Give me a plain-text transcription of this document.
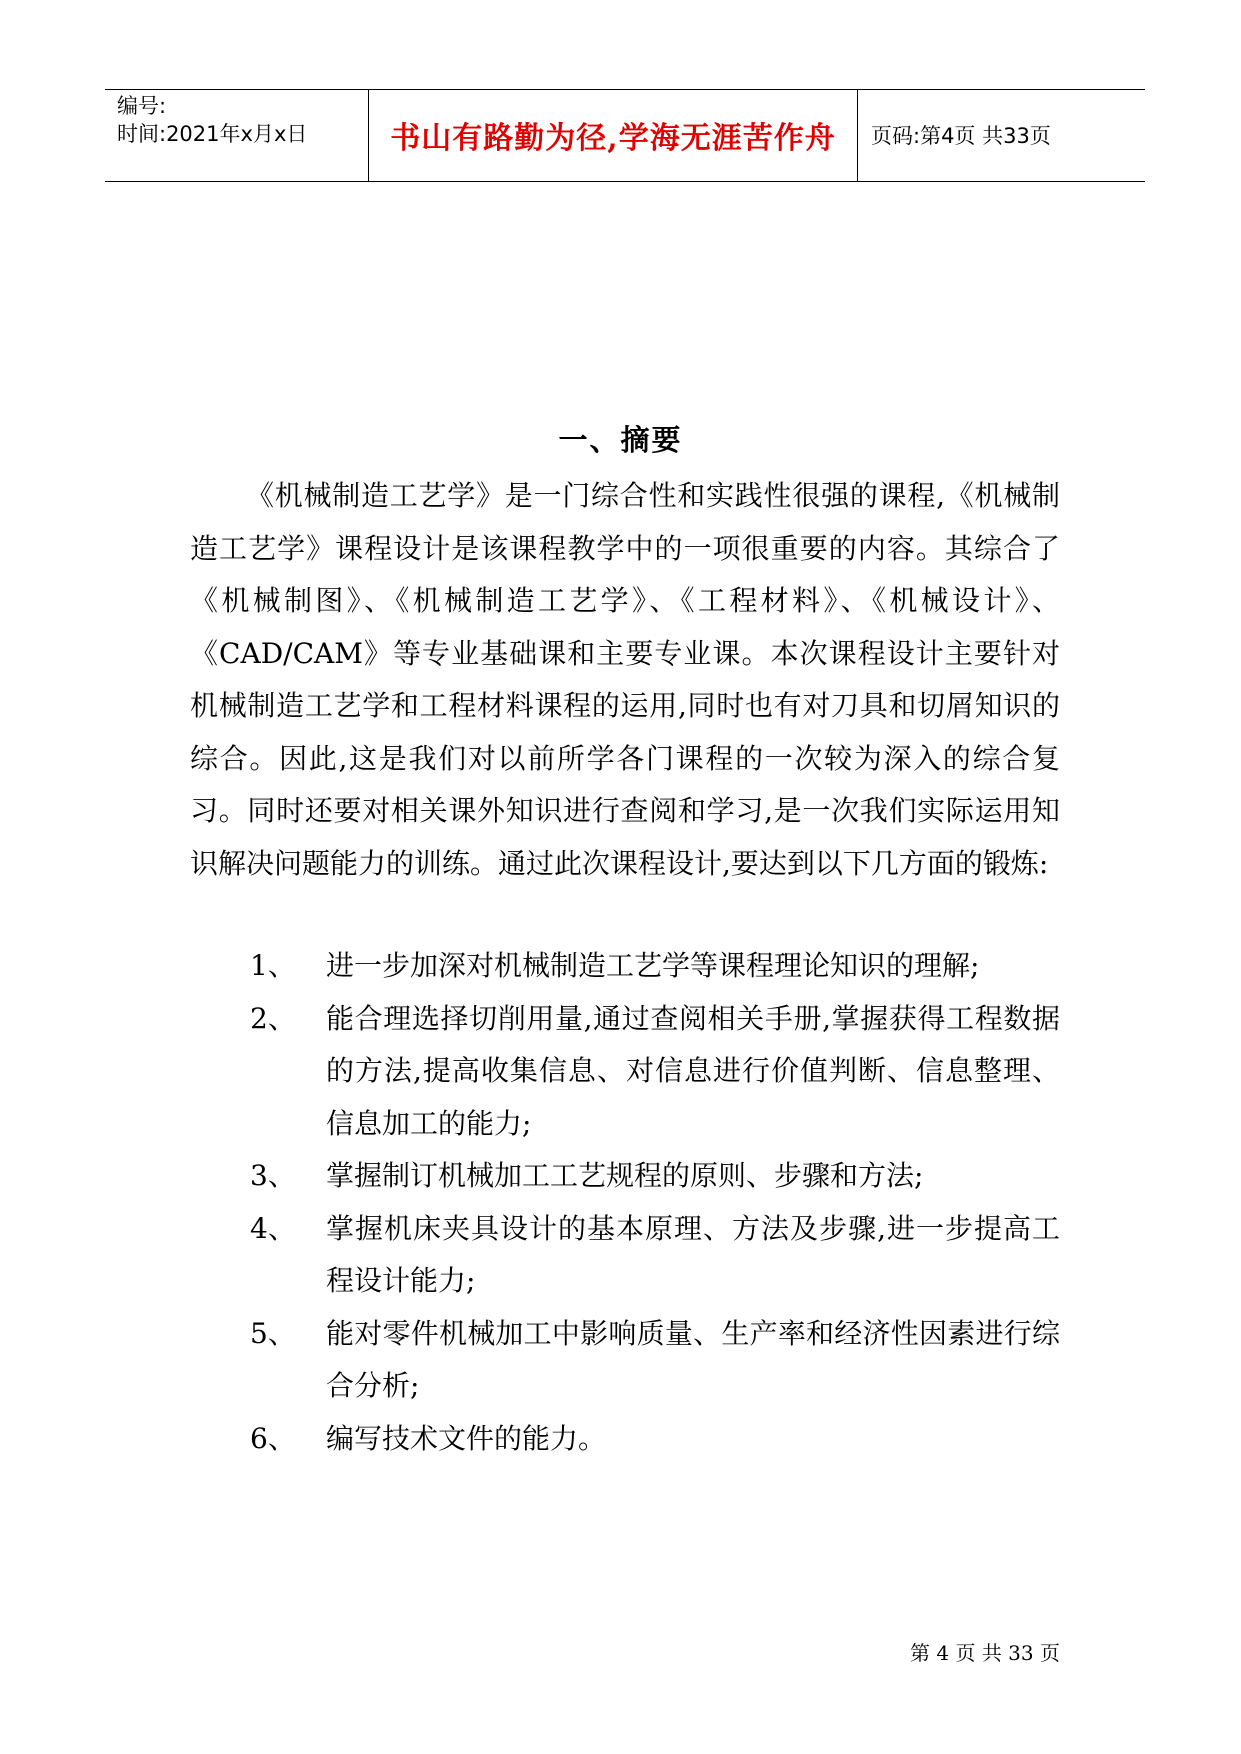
编号:
时间:2021年x月x日	书山有路勤为径,学海无涯苦作舟	页码:第4页 共33页
一、摘要

《机械制造工艺学》是一门综合性和实践性很强的课程,《机械制造工艺学》课程设计是该课程教学中的一项很重要的内容。其综合了《机械制图》、《机械制造工艺学》、《工程材料》、《机械设计》、《CAD/CAM》等专业基础课和主要专业课。本次课程设计主要针对机械制造工艺学和工程材料课程的运用,同时也有对刀具和切屑知识的综合。因此,这是我们对以前所学各门课程的一次较为深入的综合复习。同时还要对相关课外知识进行查阅和学习,是一次我们实际运用知识解决问题能力的训练。通过此次课程设计,要达到以下几方面的锻炼:

1、	进一步加深对机械制造工艺学等课程理论知识的理解;
2、	能合理选择切削用量,通过查阅相关手册,掌握获得工程数据的方法,提高收集信息、对信息进行价值判断、信息整理、信息加工的能力;
3、	掌握制订机械加工工艺规程的原则、步骤和方法;
4、	掌握机床夹具设计的基本原理、方法及步骤,进一步提高工程设计能力;
5、	能对零件机械加工中影响质量、生产率和经济性因素进行综合分析;
6、	编写技术文件的能力。
第 4 页 共 33 页
